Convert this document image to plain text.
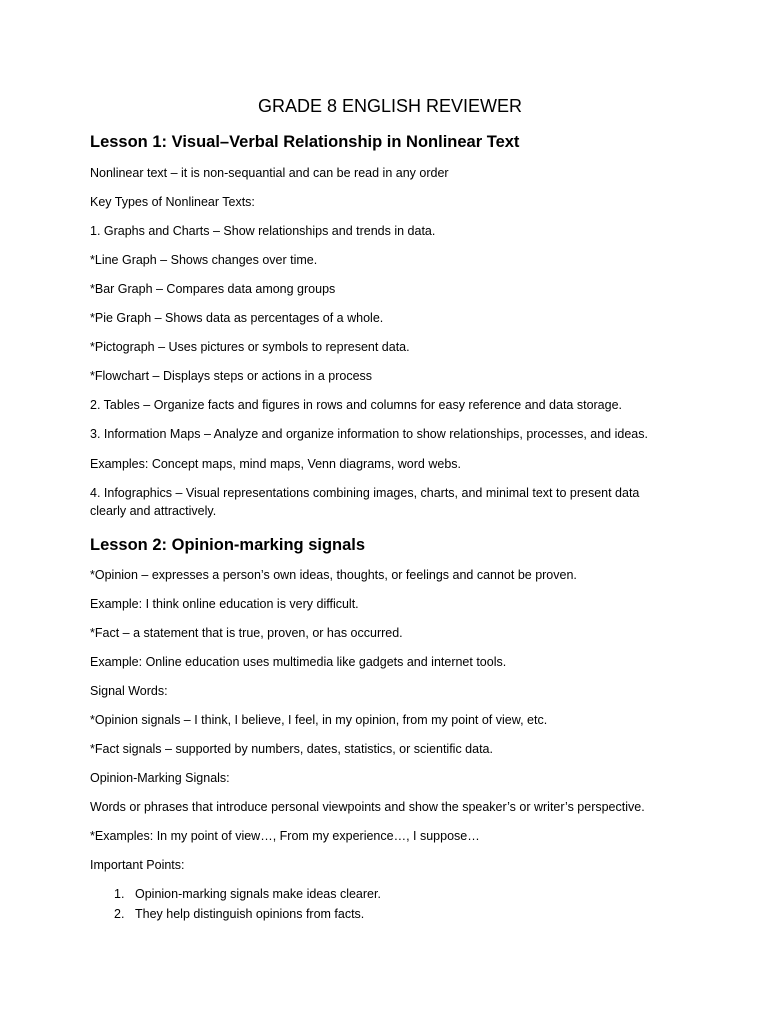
GRADE 8 ENGLISH REVIEWER
Lesson 1: Visual–Verbal Relationship in Nonlinear Text
Nonlinear text – it is non-sequantial and can be read in any order
Key Types of Nonlinear Texts:
1. Graphs and Charts – Show relationships and trends in data.
*Line Graph – Shows changes over time.
*Bar Graph – Compares data among groups
*Pie Graph – Shows data as percentages of a whole.
*Pictograph – Uses pictures or symbols to represent data.
*Flowchart – Displays steps or actions in a process
2. Tables – Organize facts and figures in rows and columns for easy reference and data storage.
3. Information Maps – Analyze and organize information to show relationships, processes, and ideas.
Examples: Concept maps, mind maps, Venn diagrams, word webs.
4. Infographics – Visual representations combining images, charts, and minimal text to present data clearly and attractively.
Lesson 2: Opinion-marking signals
*Opinion – expresses a person’s own ideas, thoughts, or feelings and cannot be proven.
Example: I think online education is very difficult.
*Fact – a statement that is true, proven, or has occurred.
Example: Online education uses multimedia like gadgets and internet tools.
Signal Words:
*Opinion signals – I think, I believe, I feel, in my opinion, from my point of view, etc.
*Fact signals – supported by numbers, dates, statistics, or scientific data.
Opinion-Marking Signals:
Words or phrases that introduce personal viewpoints and show the speaker’s or writer’s perspective.
*Examples: In my point of view…, From my experience…, I suppose…
Important Points:
1. Opinion-marking signals make ideas clearer.
2. They help distinguish opinions from facts.
